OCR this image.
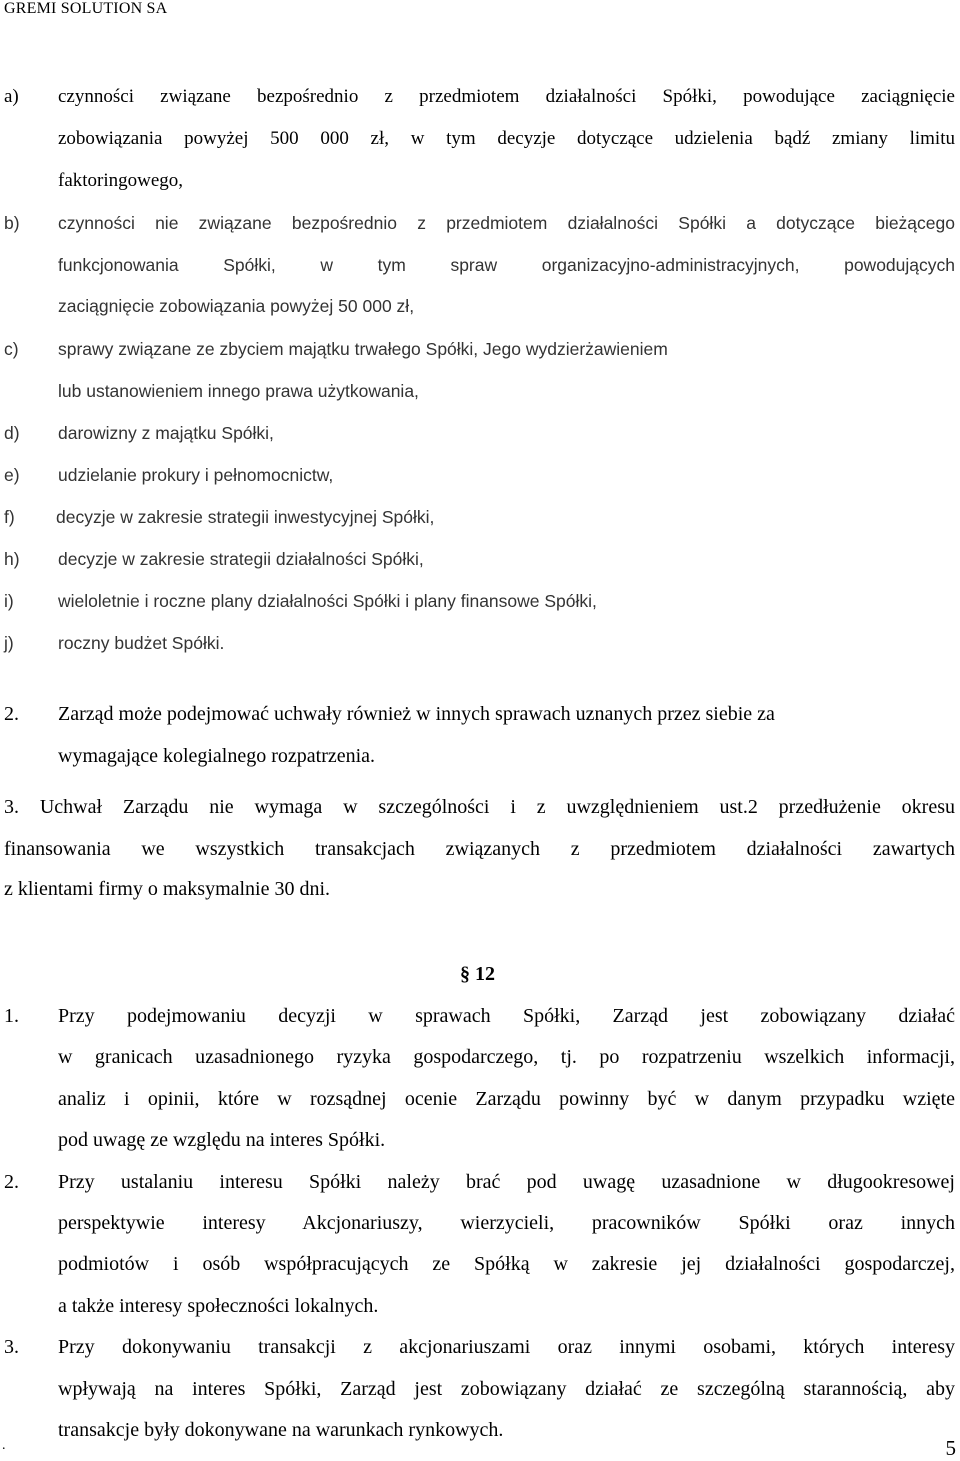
GREMI SOLUTION SA
a) czynności związane bezpośrednio z przedmiotem działalności Spółki, powodujące zaciągnięcie
zobowiązania powyżej 500 000 zł, w tym decyzje dotyczące udzielenia bądź zmiany limitu
faktoringowego,
b) czynności nie związane bezpośrednio z przedmiotem działalności Spółki a dotyczące bieżącego
funkcjonowania Spółki, w tym spraw organizacyjno-administracyjnych, powodujących
zaciągnięcie zobowiązania powyżej 50 000 zł,
c) sprawy związane ze zbyciem majątku trwałego Spółki, Jego wydzierżawieniem
lub ustanowieniem innego prawa użytkowania,
d) darowizny z majątku Spółki,
e) udzielanie prokury i pełnomocnictw,
f) decyzje w zakresie strategii inwestycyjnej Spółki,
h) decyzje w zakresie strategii działalności Spółki,
i)	wieloletnie i roczne plany działalności Spółki i plany finansowe Spółki,
j)	roczny budżet Spółki.
2. Zarząd może podejmować uchwały również w innych sprawach uznanych przez siebie za
wymagające kolegialnego rozpatrzenia.
3. Uchwał Zarządu nie wymaga w szczególności i z uwzględnieniem ust.2 przedłużenie okresu
finansowania we wszystkich transakcjach związanych z przedmiotem działalności zawartych
z klientami firmy o maksymalnie 30 dni.
§ 12
1. Przy podejmowaniu decyzji w sprawach Spółki, Zarząd jest zobowiązany działać
w granicach uzasadnionego ryzyka gospodarczego, tj. po rozpatrzeniu wszelkich informacji,
analiz i opinii, które w rozsądnej ocenie Zarządu powinny być w danym przypadku wzięte
pod uwagę ze względu na interes Spółki.
2. Przy ustalaniu interesu Spółki należy brać pod uwagę uzasadnione w długookresowej
perspektywie interesy Akcjonariuszy, wierzycieli, pracowników Spółki oraz innych
podmiotów i osób współpracujących ze Spółką w zakresie jej działalności gospodarczej,
a także interesy społeczności lokalnych.
3. Przy dokonywaniu transakcji z akcjonariuszami oraz innymi osobami, których interesy
wpływają na interes Spółki, Zarząd jest zobowiązany działać ze szczególną starannością, aby
transakcje były dokonywane na warunkach rynkowych.
.	5
